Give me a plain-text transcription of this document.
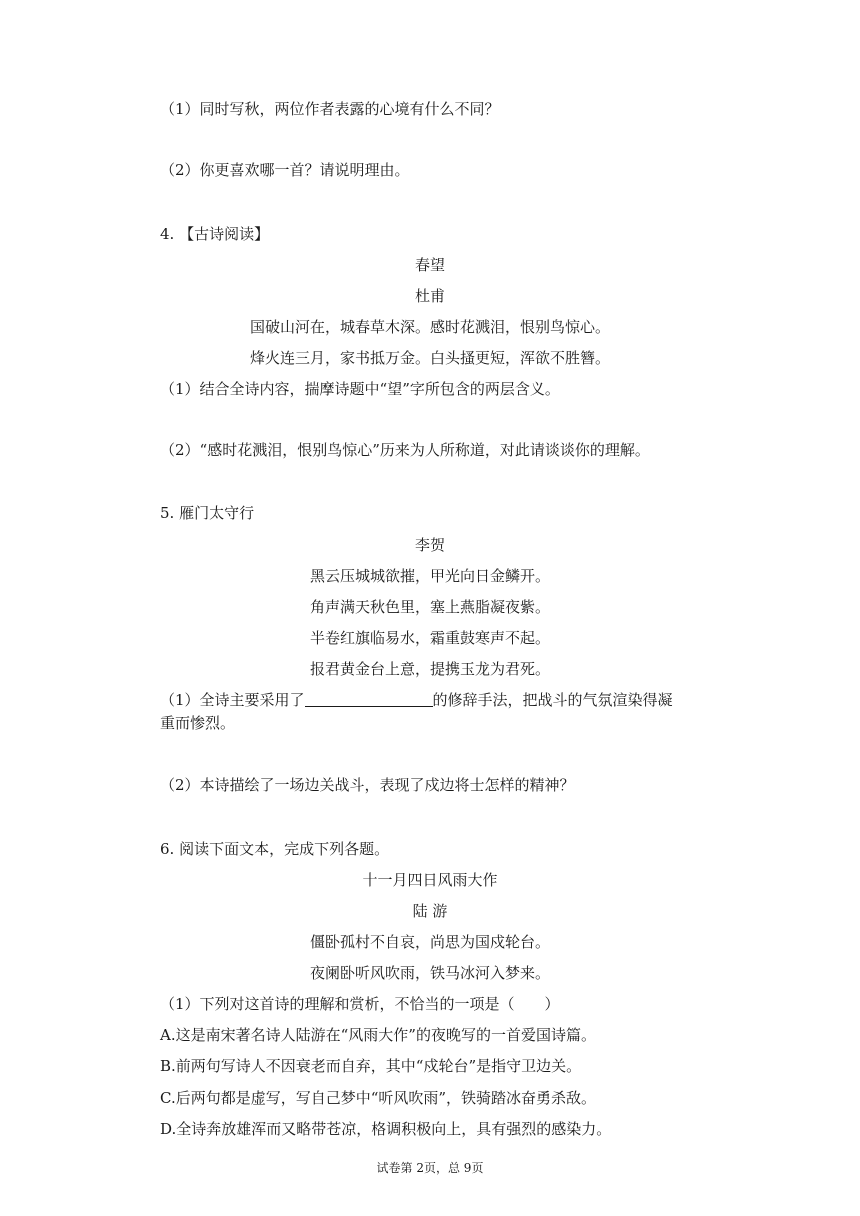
（1）同时写秋，两位作者表露的心境有什么不同？
（2）你更喜欢哪一首？请说明理由。
4. 【古诗阅读】
春望
杜甫
国破山河在，城春草木深。感时花溅泪，恨别鸟惊心。
烽火连三月，家书抵万金。白头搔更短，浑欲不胜簪。
（1）结合全诗内容，揣摩诗题中“望”字所包含的两层含义。
（2）“感时花溅泪，恨别鸟惊心”历来为人所称道，对此请谈谈你的理解。
5. 雁门太守行
李贺
黑云压城城欲摧，甲光向日金鳞开。
角声满天秋色里，塞上燕脂凝夜紫。
半卷红旗临易水，霜重鼓寒声不起。
报君黄金台上意，提携玉龙为君死。
（1）全诗主要采用了	的修辞手法，把战斗的气氛渲染得凝
重而惨烈。
（2）本诗描绘了一场边关战斗，表现了戍边将士怎样的精神？
6. 阅读下面文本，完成下列各题。
十一月四日风雨大作
陆 游
僵卧孤村不自哀，尚思为国戍轮台。
夜阑卧听风吹雨，铁马冰河入梦来。
（1）下列对这首诗的理解和赏析，不恰当的一项是（　　）
A.这是南宋著名诗人陆游在“风雨大作”的夜晚写的一首爱国诗篇。
B.前两句写诗人不因衰老而自弃，其中“戍轮台”是指守卫边关。
C.后两句都是虚写，写自己梦中“听风吹雨”，铁骑踏冰奋勇杀敌。
D.全诗奔放雄浑而又略带苍凉，格调积极向上，具有强烈的感染力。
试卷第 2页，总 9页
